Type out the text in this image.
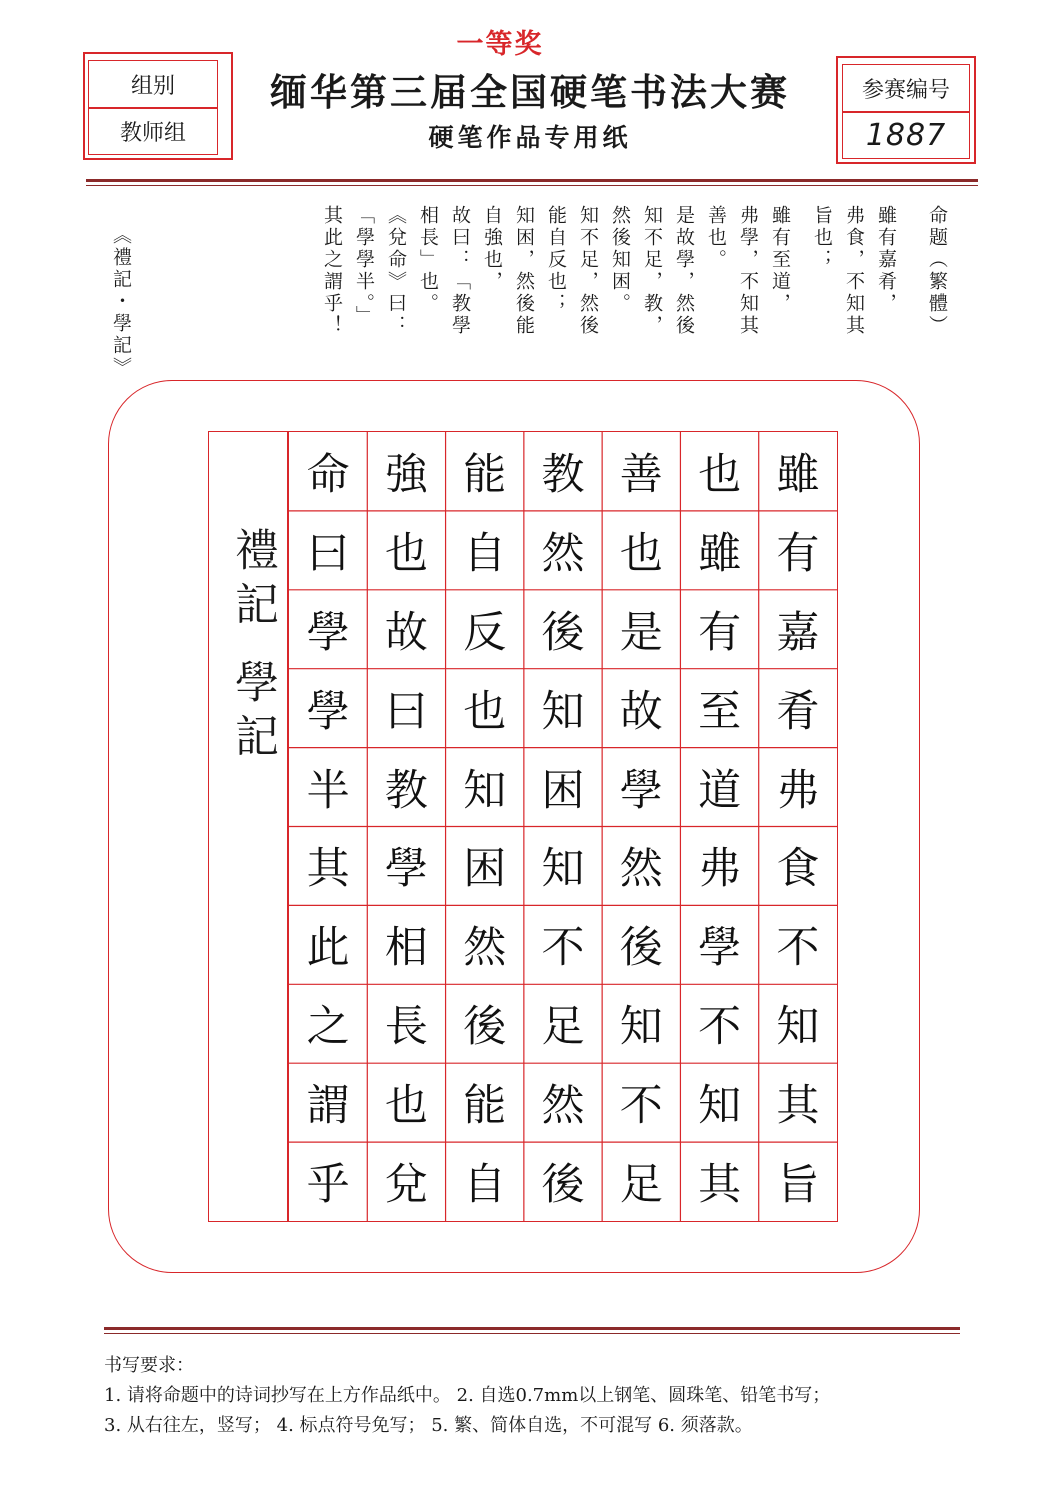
一等奖
缅华第三届全国硬笔书法大赛
硬笔作品专用纸
组别
教师组
参赛编号
1887
命题（繁體）
雖有嘉肴，
弗食，不知其
旨也；
雖有至道，
弗學，不知其
善也。
是故學，然後
知不足，教，
然後知困。
知不足，然後
能自反也；
知困，然後能
自強也，
故曰：「教學
相長」也。
《兌命》曰：
「學學半。」
其此之謂乎！
《禮記・學記》
禮記 學記
雖
有
嘉
肴
弗
食
不
知
其
旨
也
雖
有
至
道
弗
學
不
知
其
善
也
是
故
學
然
後
知
不
足
教
然
後
知
困
知
不
足
然
後
能
自
反
也
知
困
然
後
能
自
強
也
故
曰
教
學
相
長
也
兌
命
曰
學
學
半
其
此
之
謂
乎
书写要求：
1. 请将命题中的诗词抄写在上方作品纸中。 2. 自选0.7mm以上钢笔、圆珠笔、铅笔书写；
3. 从右往左，竖写； 4. 标点符号免写； 5. 繁、简体自选，不可混写 6. 须落款。
